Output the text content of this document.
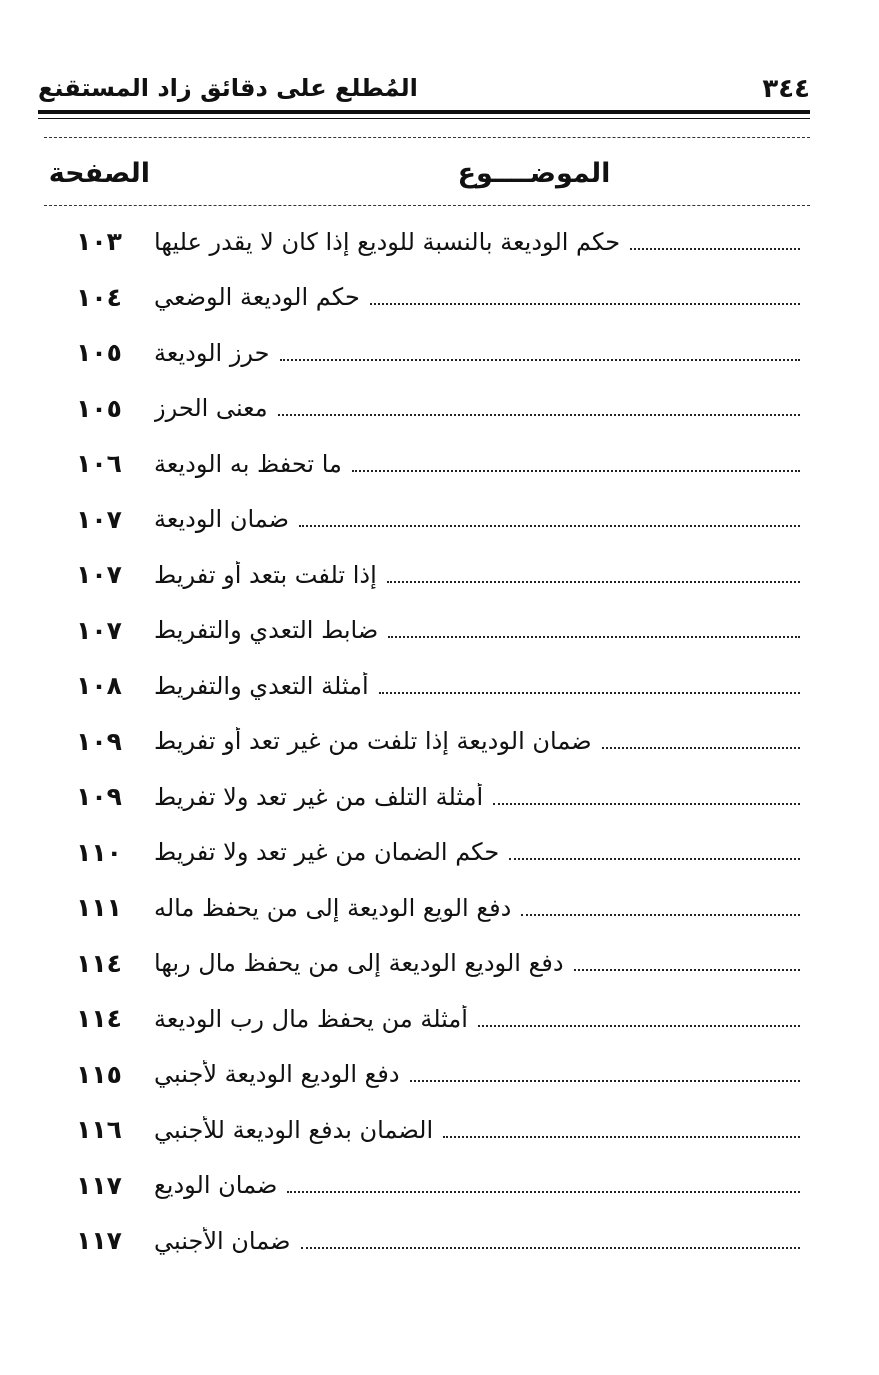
٣٤٤
المُطلع على دقائق زاد المستقنع
الموضــــوع
الصفحة
١٠٣	حكم الوديعة بالنسبة للوديع إذا كان لا يقدر عليها
١٠٤	حكم الوديعة الوضعي
١٠٥	حرز الوديعة
١٠٥	معنى الحرز
١٠٦	ما تحفظ به الوديعة
١٠٧	ضمان الوديعة
١٠٧	إذا تلفت بتعد أو تفريط
١٠٧	ضابط التعدي والتفريط
١٠٨	أمثلة التعدي والتفريط
١٠٩	ضمان الوديعة إذا تلفت من غير تعد أو تفريط
١٠٩	أمثلة التلف من غير تعد ولا تفريط
١١٠	حكم الضمان من غير تعد ولا تفريط
١١١	دفع الويع الوديعة إلى من يحفظ ماله
١١٤	دفع الوديع الوديعة إلى من يحفظ مال ربها
١١٤	أمثلة من يحفظ مال رب الوديعة
١١٥	دفع الوديع الوديعة لأجنبي
١١٦	الضمان بدفع الوديعة للأجنبي
١١٧	ضمان الوديع
١١٧	ضمان الأجنبي
